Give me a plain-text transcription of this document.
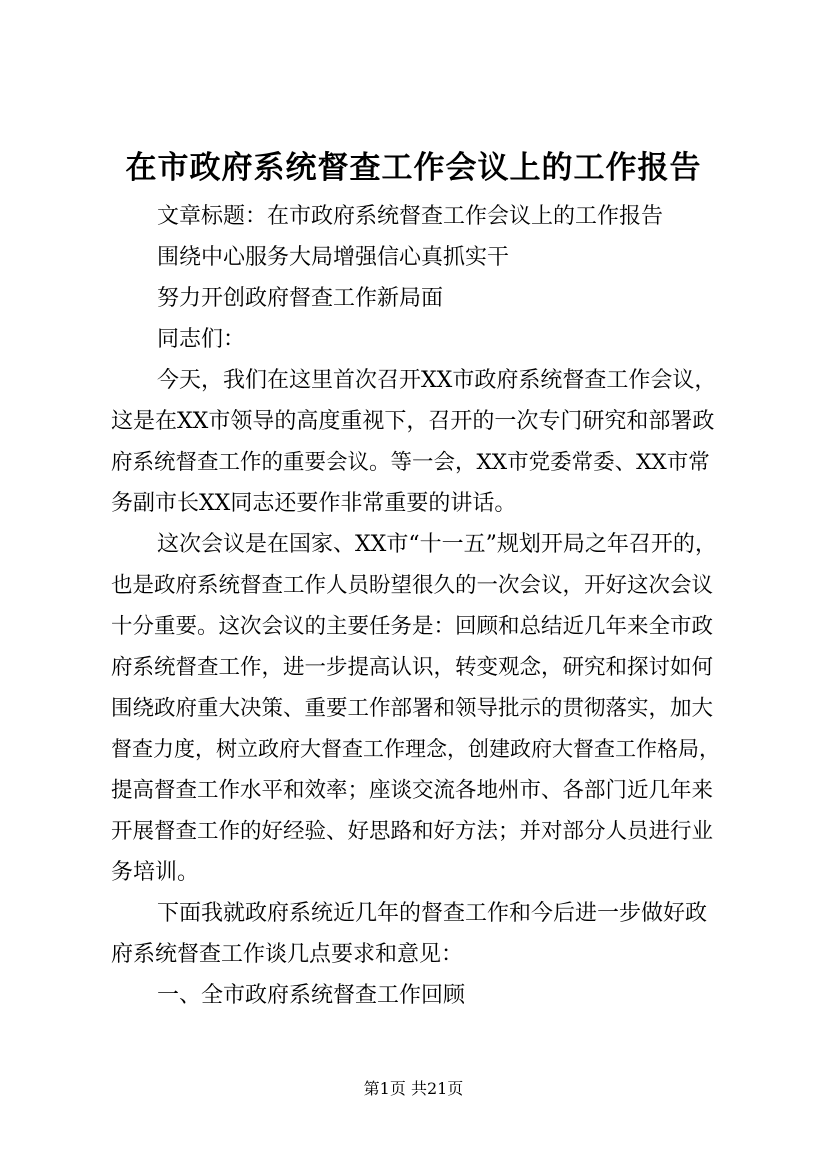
在市政府系统督查工作会议上的工作报告
文章标题：在市政府系统督查工作会议上的工作报告
围绕中心服务大局增强信心真抓实干
努力开创政府督查工作新局面
同志们：
今天，我们在这里首次召开XX市政府系统督查工作会议，
这是在XX市领导的高度重视下，召开的一次专门研究和部署政
府系统督查工作的重要会议。等一会，XX市党委常委、XX市常
务副市长XX同志还要作非常重要的讲话。
这次会议是在国家、XX市“十一五”规划开局之年召开的，
也是政府系统督查工作人员盼望很久的一次会议，开好这次会议
十分重要。这次会议的主要任务是：回顾和总结近几年来全市政
府系统督查工作，进一步提高认识，转变观念，研究和探讨如何
围绕政府重大决策、重要工作部署和领导批示的贯彻落实，加大
督查力度，树立政府大督查工作理念，创建政府大督查工作格局，
提高督查工作水平和效率；座谈交流各地州市、各部门近几年来
开展督查工作的好经验、好思路和好方法；并对部分人员进行业
务培训。
下面我就政府系统近几年的督查工作和今后进一步做好政
府系统督查工作谈几点要求和意见：
一、全市政府系统督查工作回顾
第1页 共21页
